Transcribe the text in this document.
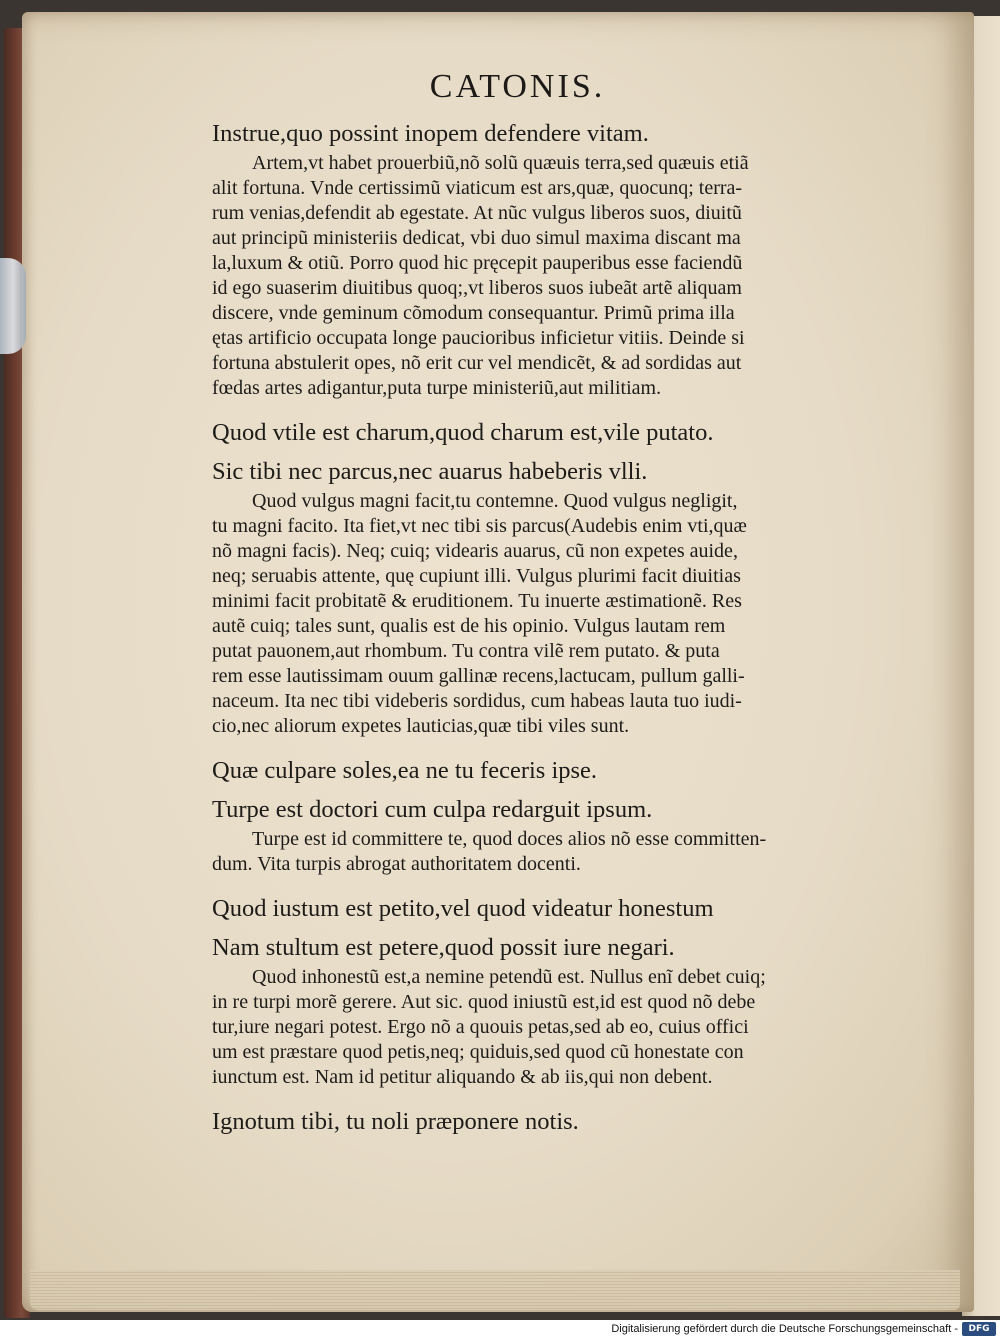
CATONIS.
Instrue,quo possint inopem defendere vitam.
Artem,vt habet prouerbiũ,nõ solũ quæuis terra,sed quæuis etiã
alit fortuna. Vnde certissimũ viaticum est ars,quæ, quocunq; terra-
rum venias,defendit ab egestate. At nũc vulgus liberos suos, diuitũ
aut principũ ministeriis dedicat, vbi duo simul maxima discant ma
la,luxum & otiũ. Porro quod hic pręcepit pauperibus esse faciendũ
id ego suaserim diuitibus quoq;,vt liberos suos iubeãt artẽ aliquam
discere, vnde geminum cõmodum consequantur. Primũ prima illa
ętas artificio occupata longe paucioribus inficietur vitiis. Deinde si
fortuna abstulerit opes, nõ erit cur vel mendicẽt, & ad sordidas aut
fœdas artes adigantur,puta turpe ministeriũ,aut militiam.
Quod vtile est charum,quod charum est,vile putato.
Sic tibi nec parcus,nec auarus habeberis vlli.
Quod vulgus magni facit,tu contemne. Quod vulgus negligit,
tu magni facito. Ita fiet,vt nec tibi sis parcus(Audebis enim vti,quæ
nõ magni facis). Neq; cuiq; videaris auarus, cũ non expetes auide,
neq; seruabis attente, quę cupiunt illi. Vulgus plurimi facit diuitias
minimi facit probitatẽ & eruditionem. Tu inuerte æstimationẽ. Res
autẽ cuiq; tales sunt, qualis est de his opinio. Vulgus lautam rem
putat pauonem,aut rhombum. Tu contra vilẽ rem putato. & puta
rem esse lautissimam ouum gallinæ recens,lactucam, pullum galli-
naceum. Ita nec tibi videberis sordidus, cum habeas lauta tuo iudi-
cio,nec aliorum expetes lauticias,quæ tibi viles sunt.
Quæ culpare soles,ea ne tu feceris ipse.
Turpe est doctori cum culpa redarguit ipsum.
Turpe est id committere te, quod doces alios nõ esse committen-
dum. Vita turpis abrogat authoritatem docenti.
Quod iustum est petito,vel quod videatur honestum
Nam stultum est petere,quod possit iure negari.
Quod inhonestũ est,a nemine petendũ est. Nullus enĩ debet cuiq;
in re turpi morẽ gerere. Aut sic. quod iniustũ est,id est quod nõ debe
tur,iure negari potest. Ergo nõ a quouis petas,sed ab eo, cuius offici
um est præstare quod petis,neq; quiduis,sed quod cũ honestate con
iunctum est. Nam id petitur aliquando & ab iis,qui non debent.
Ignotum tibi, tu noli præponere notis.
Digitalisierung gefördert durch die Deutsche Forschungsgemeinschaft -	DFG
